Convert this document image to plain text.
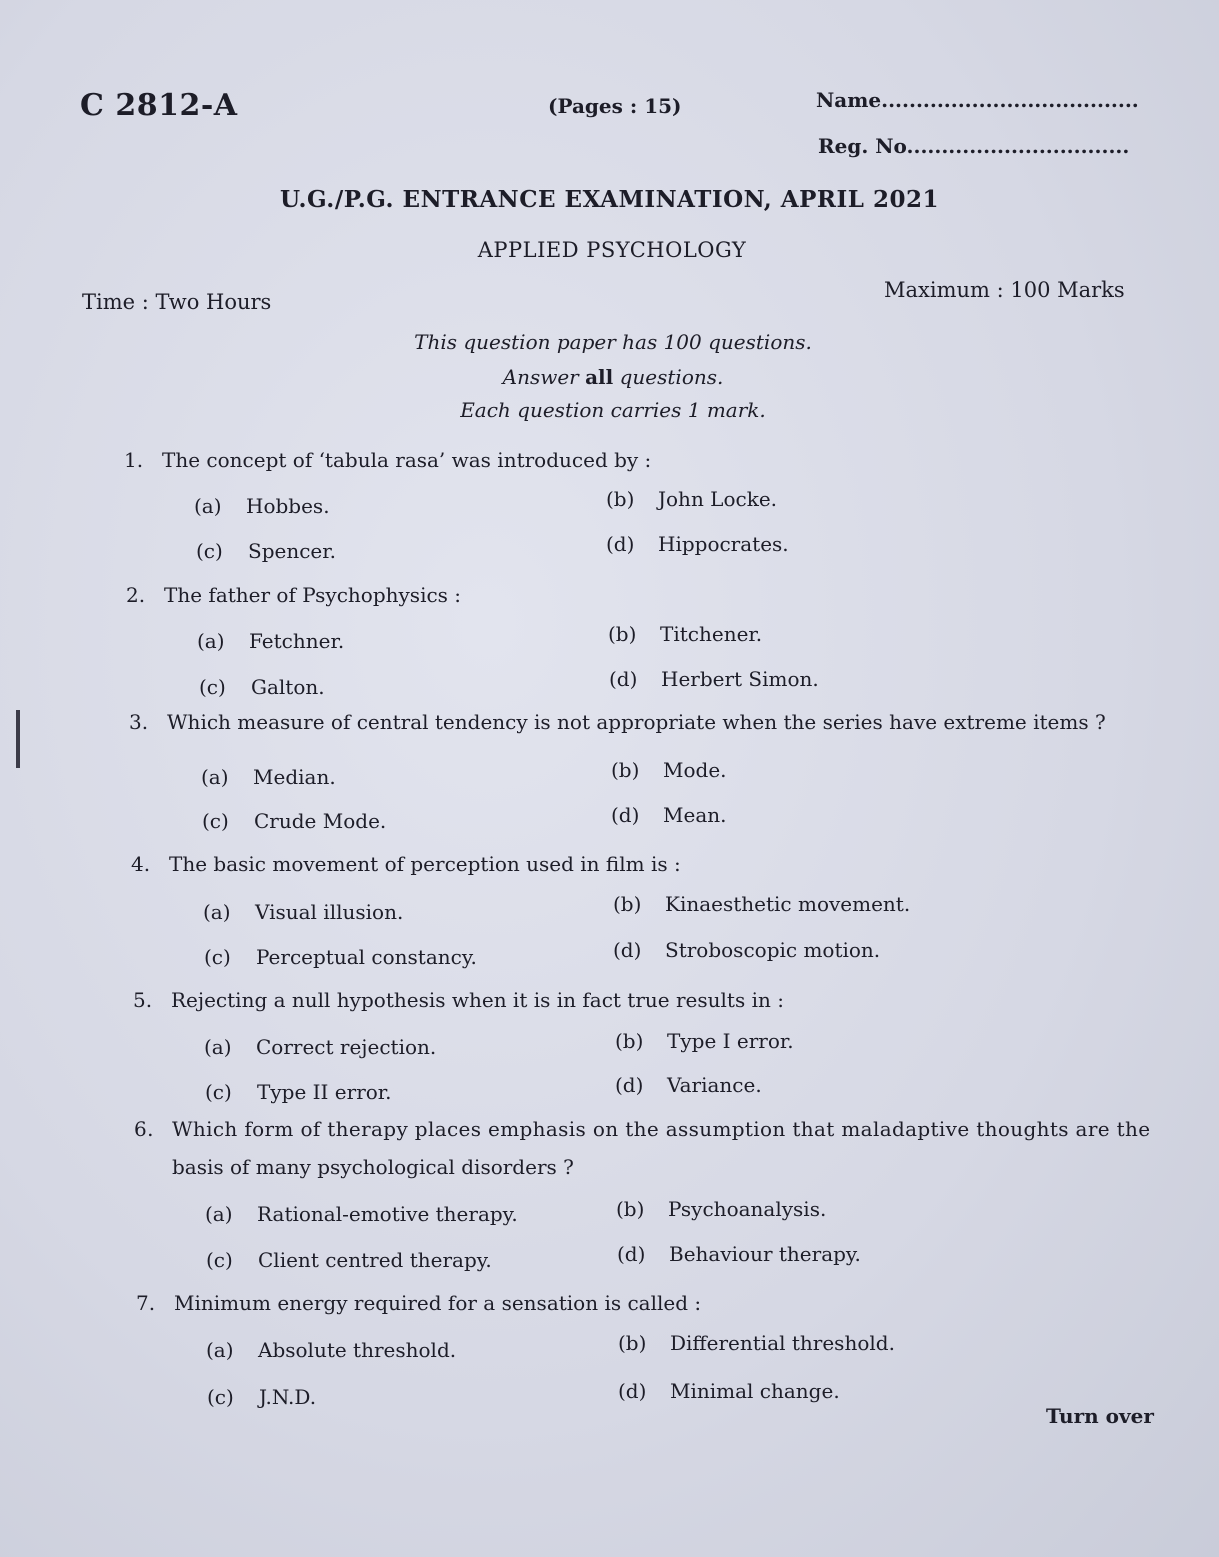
C 2812-A	(Pages : 15)	Name.....................................
Reg. No................................
U.G./P.G. ENTRANCE EXAMINATION, APRIL 2021
APPLIED PSYCHOLOGY
Time : Two Hours	Maximum : 100 Marks
This question paper has 100 questions.
Answer all questions.
Each question carries 1 mark.
1. The concept of ‘tabula rasa’ was introduced by :
(a) Hobbes.	(b) John Locke.
(c) Spencer.	(d) Hippocrates.
2. The father of Psychophysics :
(a) Fetchner.	(b) Titchener.
(c) Galton.	(d) Herbert Simon.
3. Which measure of central tendency is not appropriate when the series have extreme items ?
(a) Median.	(b) Mode.
(c) Crude Mode.	(d) Mean.
4. The basic movement of perception used in film is :
(a) Visual illusion.	(b) Kinaesthetic movement.
(c) Perceptual constancy.	(d) Stroboscopic motion.
5. Rejecting a null hypothesis when it is in fact true results in :
(a) Correct rejection.	(b) Type I error.
(c) Type II error.	(d) Variance.
6. Which form of therapy places emphasis on the assumption that maladaptive thoughts are the
basis of many psychological disorders ?
(a) Rational-emotive therapy.	(b) Psychoanalysis.
(c) Client centred therapy.	(d) Behaviour therapy.
7. Minimum energy required for a sensation is called :
(a) Absolute threshold.	(b) Differential threshold.
(c) J.N.D.	(d) Minimal change.
Turn over
